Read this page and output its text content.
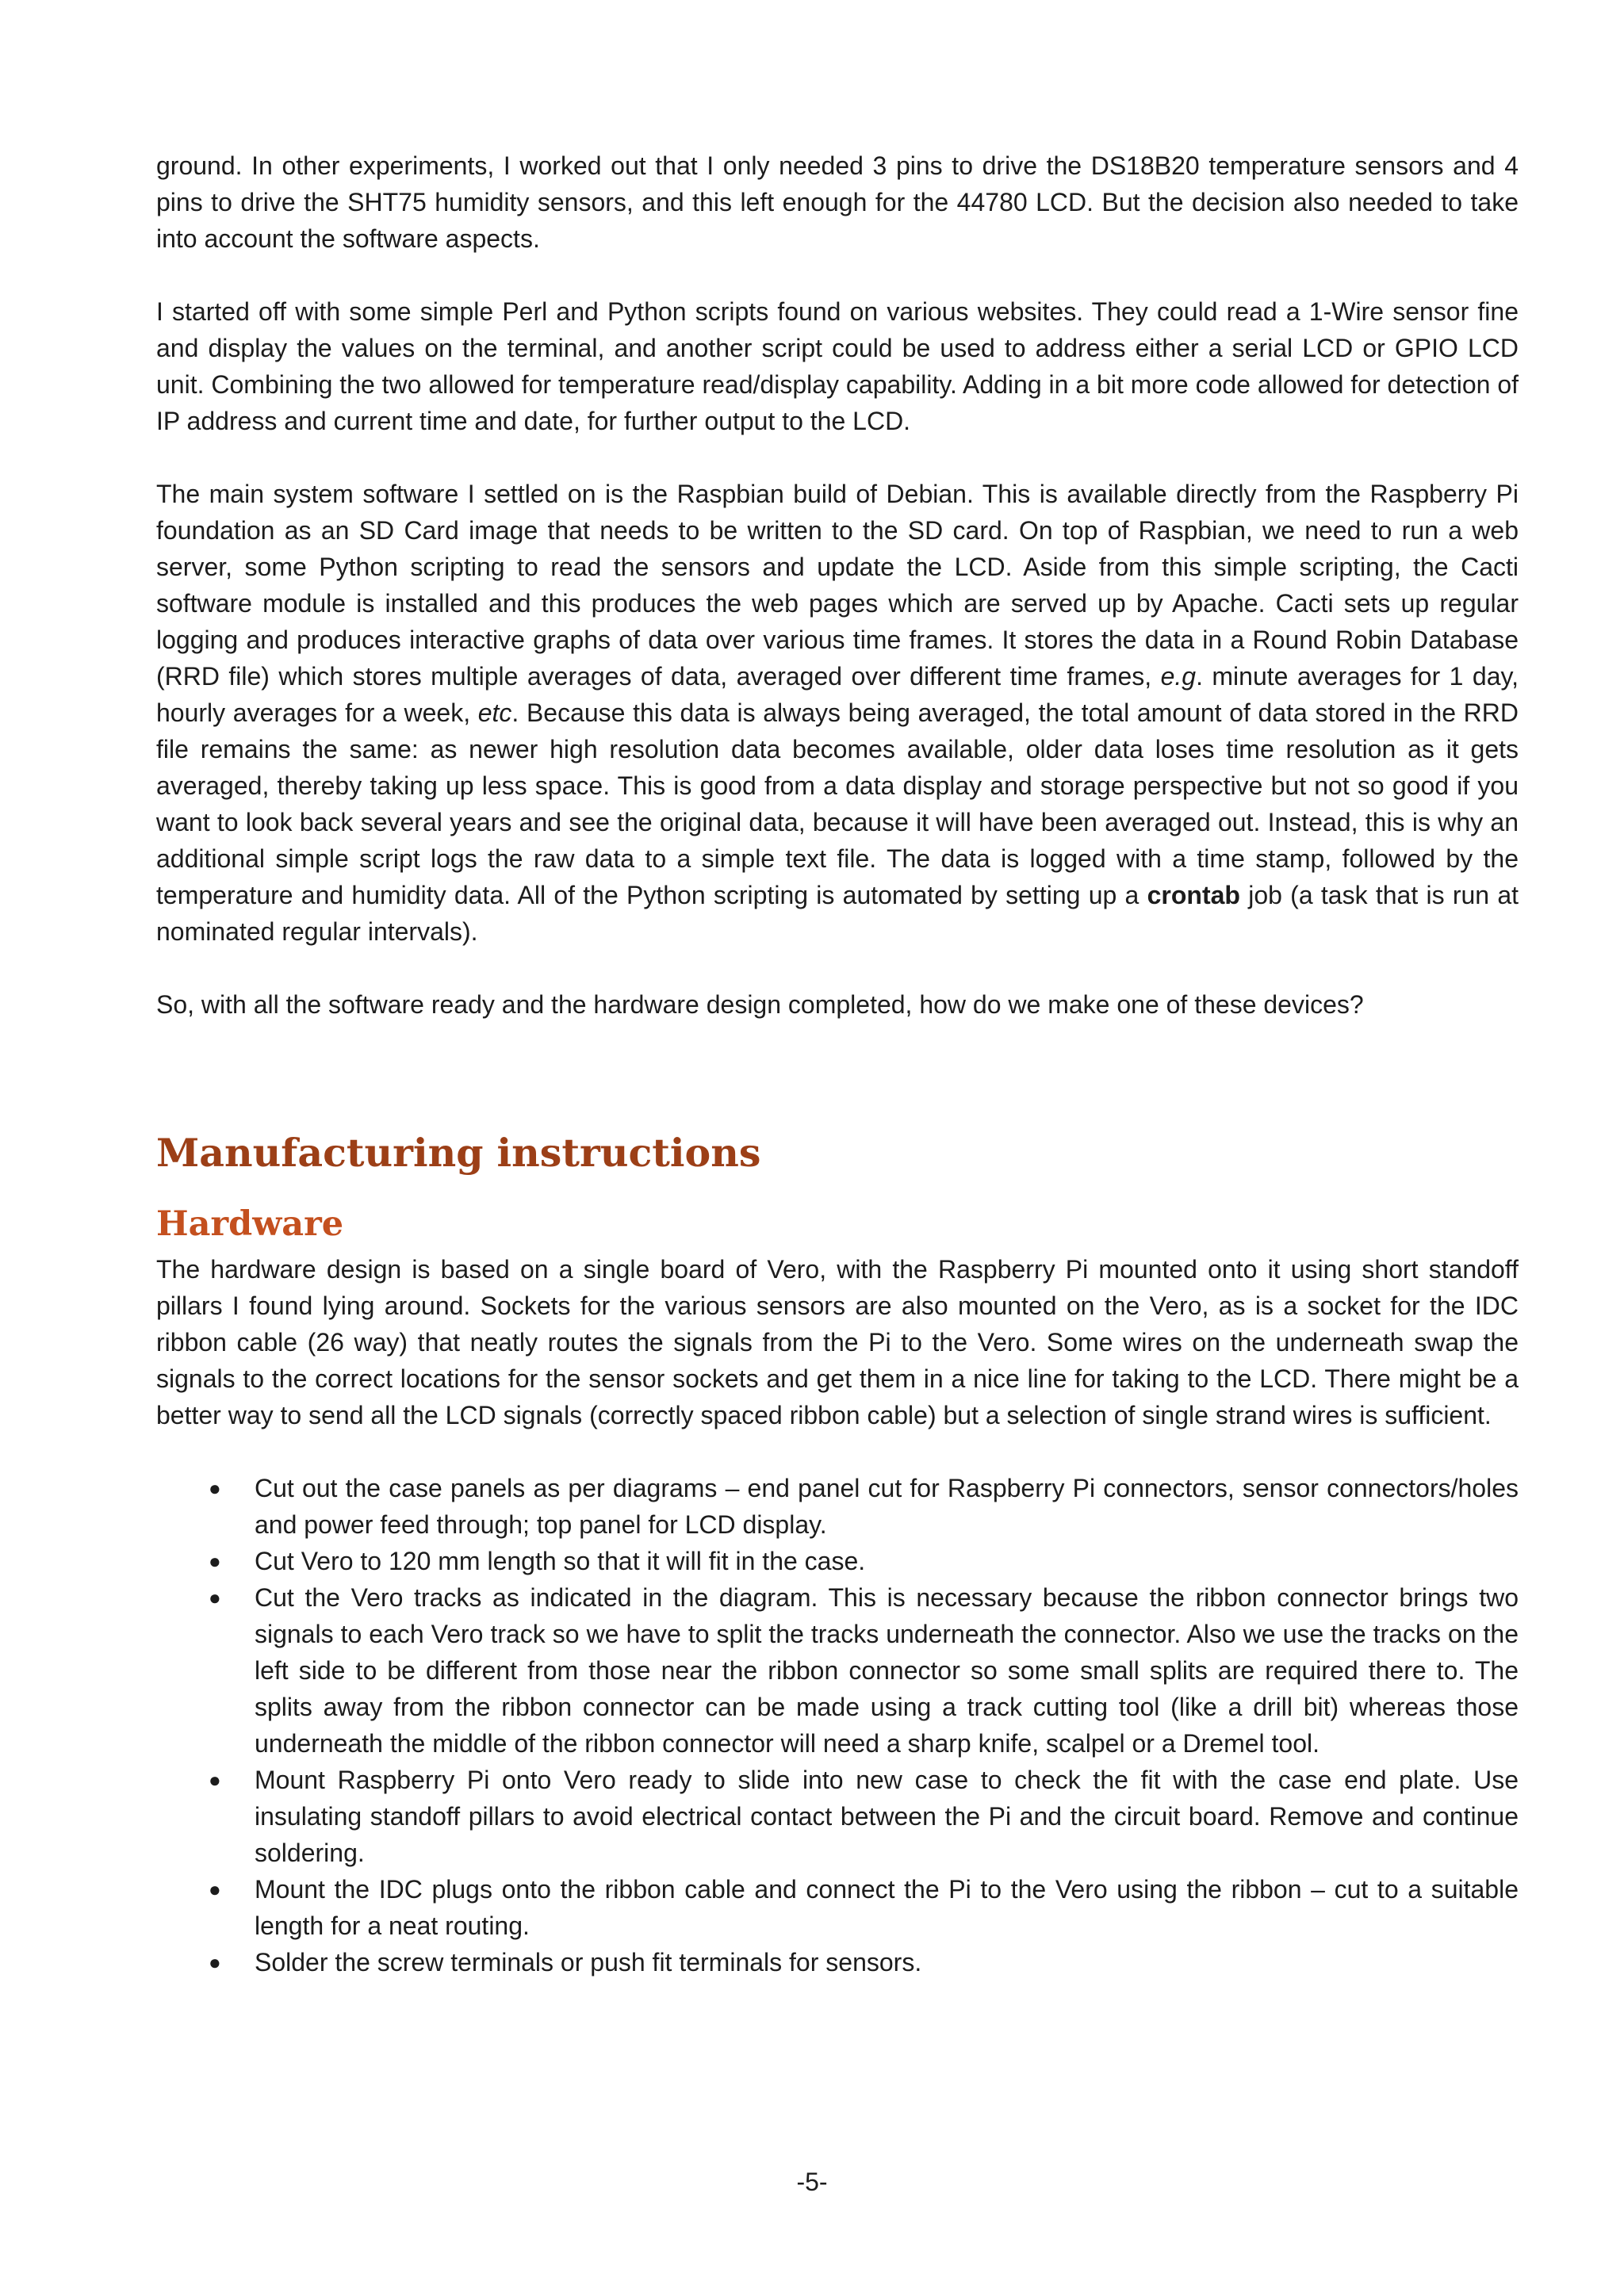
ground. In other experiments, I worked out that I only needed 3 pins to drive the DS18B20 temperature sensors and 4 pins to drive the SHT75 humidity sensors, and this left enough for the 44780 LCD. But the decision also needed to take into account the software aspects.

I started off with some simple Perl and Python scripts found on various websites. They could read a 1-Wire sensor fine and display the values on the terminal, and another script could be used to address either a serial LCD or GPIO LCD unit. Combining the two allowed for temperature read/display capability. Adding in a bit more code allowed for detection of IP address and current time and date, for further output to the LCD.

The main system software I settled on is the Raspbian build of Debian. This is available directly from the Raspberry Pi foundation as an SD Card image that needs to be written to the SD card. On top of Raspbian, we need to run a web server, some Python scripting to read the sensors and update the LCD. Aside from this simple scripting, the Cacti software module is installed and this produces the web pages which are served up by Apache. Cacti sets up regular logging and produces interactive graphs of data over various time frames. It stores the data in a Round Robin Database (RRD file) which stores multiple averages of data, averaged over different time frames, e.g. minute averages for 1 day, hourly averages for a week, etc. Because this data is always being averaged, the total amount of data stored in the RRD file remains the same: as newer high resolution data becomes available, older data loses time resolution as it gets averaged, thereby taking up less space. This is good from a data display and storage perspective but not so good if you want to look back several years and see the original data, because it will have been averaged out. Instead, this is why an additional simple script logs the raw data to a simple text file. The data is logged with a time stamp, followed by the temperature and humidity data. All of the Python scripting is automated by setting up a crontab job (a task that is run at nominated regular intervals).

So, with all the software ready and the hardware design completed, how do we make one of these devices?

Manufacturing instructions
Hardware

The hardware design is based on a single board of Vero, with the Raspberry Pi mounted onto it using short standoff pillars I found lying around. Sockets for the various sensors are also mounted on the Vero, as is a socket for the IDC ribbon cable (26 way) that neatly routes the signals from the Pi to the Vero. Some wires on the underneath swap the signals to the correct locations for the sensor sockets and get them in a nice line for taking to the LCD. There might be a better way to send all the LCD signals (correctly spaced ribbon cable) but a selection of single strand wires is sufficient.

● Cut out the case panels as per diagrams – end panel cut for Raspberry Pi connectors, sensor connectors/holes and power feed through; top panel for LCD display.
● Cut Vero to 120 mm length so that it will fit in the case.
● Cut the Vero tracks as indicated in the diagram. This is necessary because the ribbon connector brings two signals to each Vero track so we have to split the tracks underneath the connector. Also we use the tracks on the left side to be different from those near the ribbon connector so some small splits are required there to. The splits away from the ribbon connector can be made using a track cutting tool (like a drill bit) whereas those underneath the middle of the ribbon connector will need a sharp knife, scalpel or a Dremel tool.
● Mount Raspberry Pi onto Vero ready to slide into new case to check the fit with the case end plate. Use insulating standoff pillars to avoid electrical contact between the Pi and the circuit board. Remove and continue soldering.
● Mount the IDC plugs onto the ribbon cable and connect the Pi to the Vero using the ribbon – cut to a suitable length for a neat routing.
● Solder the screw terminals or push fit terminals for sensors.
-5-
